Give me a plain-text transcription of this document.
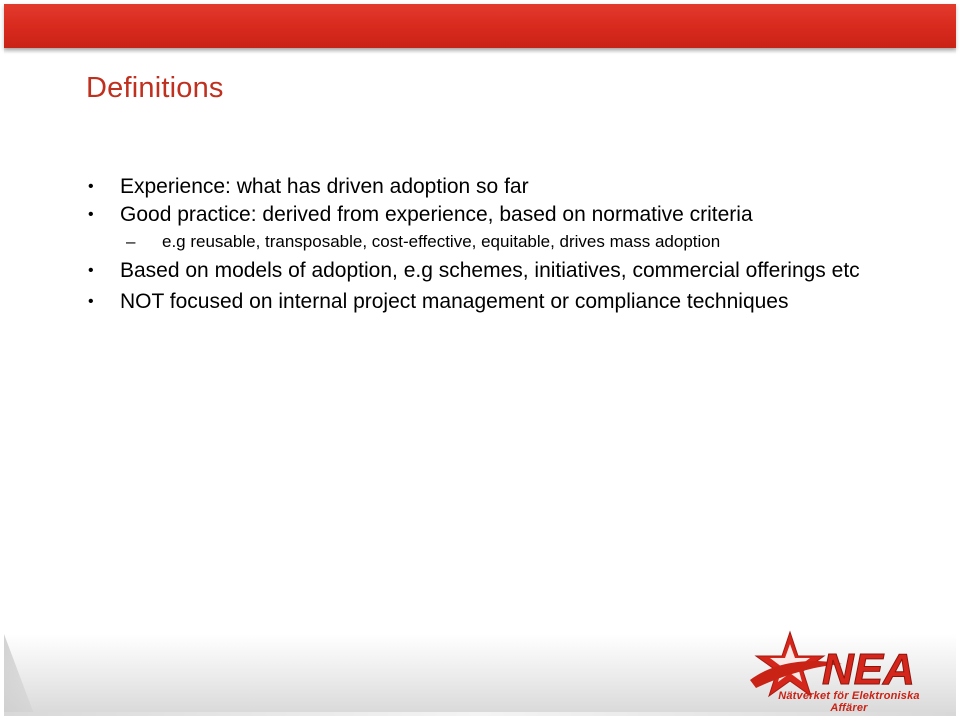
Definitions
• Experience: what has driven adoption so far
• Good practice: derived from experience, based on normative criteria
– e.g reusable, transposable, cost-effective, equitable, drives mass adoption
• Based on models of adoption, e.g schemes, initiatives, commercial offerings etc
• NOT focused on internal project management or compliance techniques
NEA
Nätverket för Elektroniska Affärer
